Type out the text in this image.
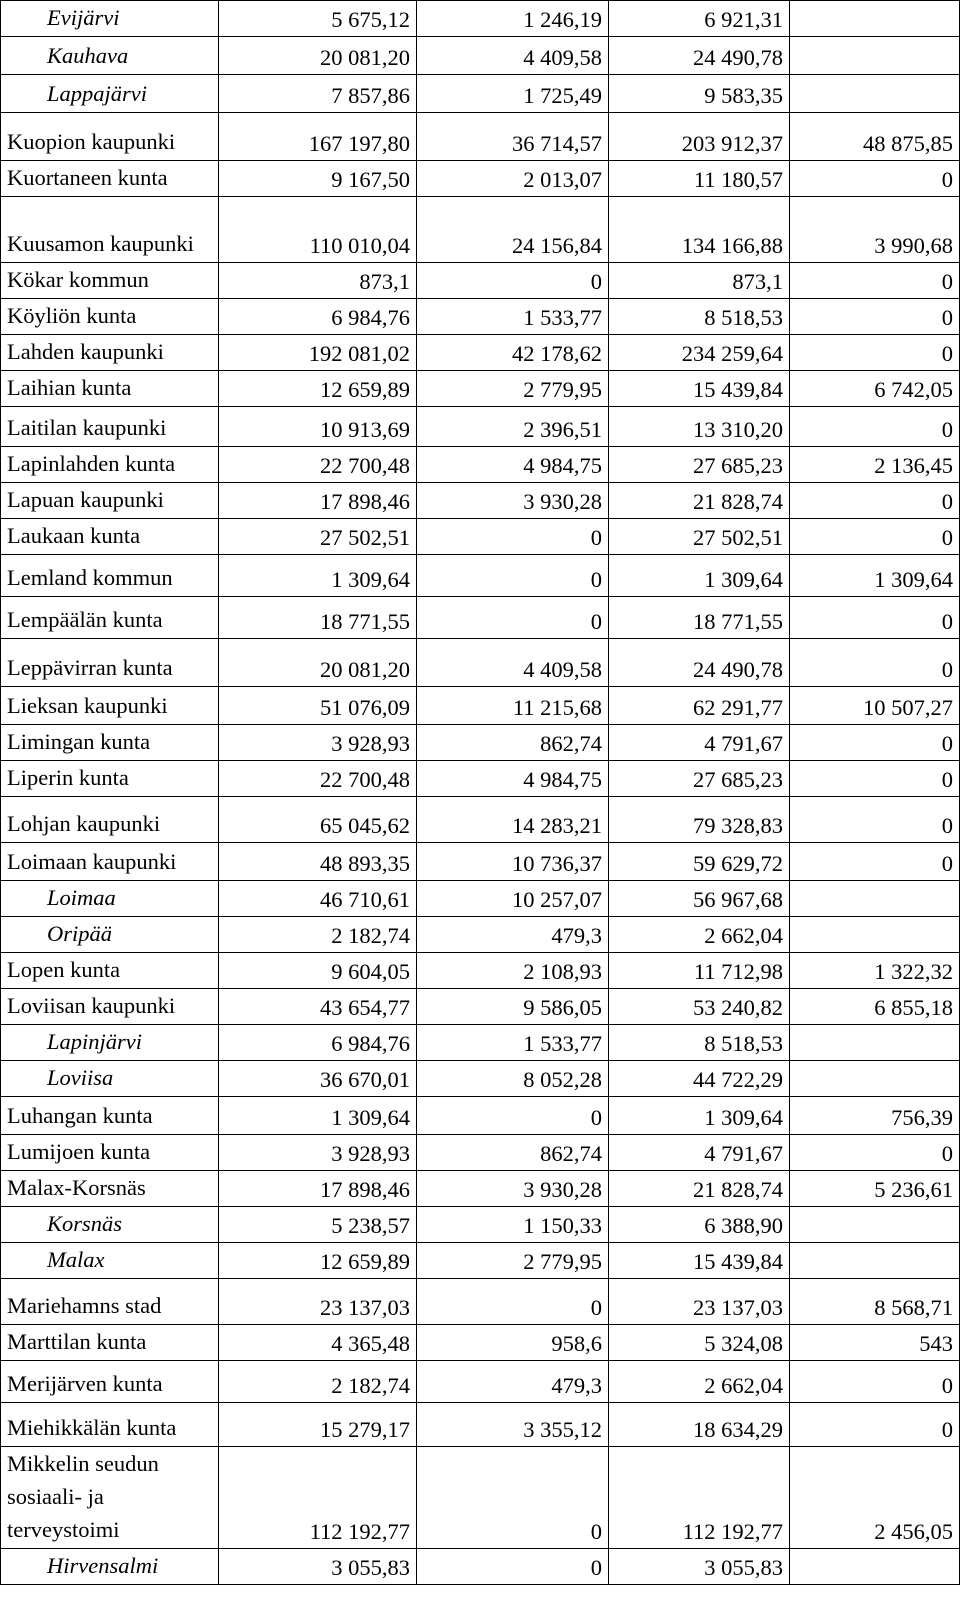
Evijärvi	5 675,12	1 246,19	6 921,31	
Kauhava	20 081,20	4 409,58	24 490,78	
Lappajärvi	7 857,86	1 725,49	9 583,35	
Kuopion kaupunki	167 197,80	36 714,57	203 912,37	48 875,85
Kuortaneen kunta	9 167,50	2 013,07	11 180,57	0
Kuusamon kaupunki	110 010,04	24 156,84	134 166,88	3 990,68
Kökar kommun	873,1	0	873,1	0
Köyliön kunta	6 984,76	1 533,77	8 518,53	0
Lahden kaupunki	192 081,02	42 178,62	234 259,64	0
Laihian kunta	12 659,89	2 779,95	15 439,84	6 742,05
Laitilan kaupunki	10 913,69	2 396,51	13 310,20	0
Lapinlahden kunta	22 700,48	4 984,75	27 685,23	2 136,45
Lapuan kaupunki	17 898,46	3 930,28	21 828,74	0
Laukaan kunta	27 502,51	0	27 502,51	0
Lemland kommun	1 309,64	0	1 309,64	1 309,64
Lempäälän kunta	18 771,55	0	18 771,55	0
Leppävirran kunta	20 081,20	4 409,58	24 490,78	0
Lieksan kaupunki	51 076,09	11 215,68	62 291,77	10 507,27
Limingan kunta	3 928,93	862,74	4 791,67	0
Liperin kunta	22 700,48	4 984,75	27 685,23	0
Lohjan kaupunki	65 045,62	14 283,21	79 328,83	0
Loimaan kaupunki	48 893,35	10 736,37	59 629,72	0
Loimaa	46 710,61	10 257,07	56 967,68	
Oripää	2 182,74	479,3	2 662,04	
Lopen kunta	9 604,05	2 108,93	11 712,98	1 322,32
Loviisan kaupunki	43 654,77	9 586,05	53 240,82	6 855,18
Lapinjärvi	6 984,76	1 533,77	8 518,53	
Loviisa	36 670,01	8 052,28	44 722,29	
Luhangan kunta	1 309,64	0	1 309,64	756,39
Lumijoen kunta	3 928,93	862,74	4 791,67	0
Malax-Korsnäs	17 898,46	3 930,28	21 828,74	5 236,61
Korsnäs	5 238,57	1 150,33	6 388,90	
Malax	12 659,89	2 779,95	15 439,84	
Mariehamns stad	23 137,03	0	23 137,03	8 568,71
Marttilan kunta	4 365,48	958,6	5 324,08	543
Merijärven kunta	2 182,74	479,3	2 662,04	0
Miehikkälän kunta	15 279,17	3 355,12	18 634,29	0
Mikkelin seudun sosiaali- ja terveystoimi	112 192,77	0	112 192,77	2 456,05
Hirvensalmi	3 055,83	0	3 055,83	
